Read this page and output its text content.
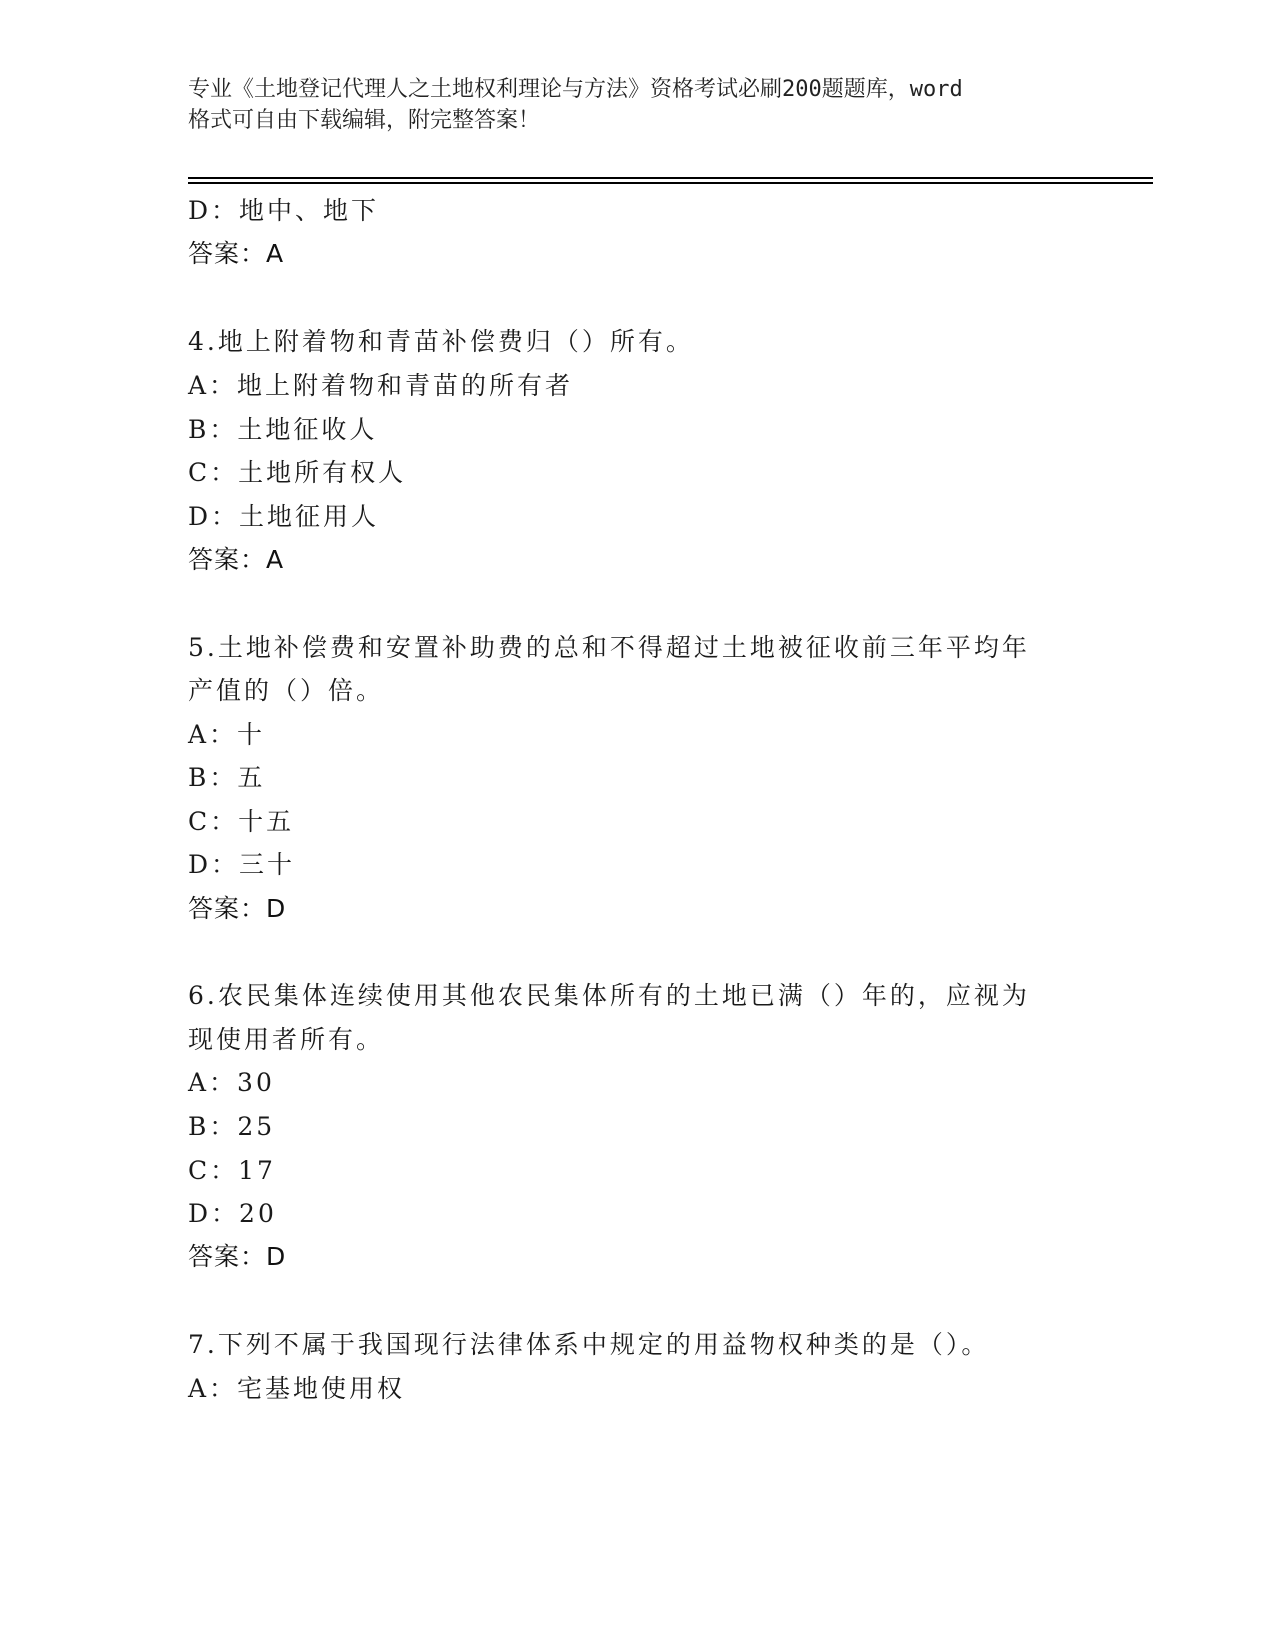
专业《土地登记代理人之土地权利理论与方法》资格考试必刷200题题库，word
格式可自由下载编辑，附完整答案！
D：地中、地下
答案：A
4.地上附着物和青苗补偿费归（）所有。
A：地上附着物和青苗的所有者
B：土地征收人
C：土地所有权人
D：土地征用人
答案：A
5.土地补偿费和安置补助费的总和不得超过土地被征收前三年平均年
产值的（）倍。
A：十
B：五
C：十五
D：三十
答案：D
6.农民集体连续使用其他农民集体所有的土地已满（）年的，应视为
现使用者所有。
A：30
B：25
C：17
D：20
答案：D
7.下列不属于我国现行法律体系中规定的用益物权种类的是（）。
A：宅基地使用权
